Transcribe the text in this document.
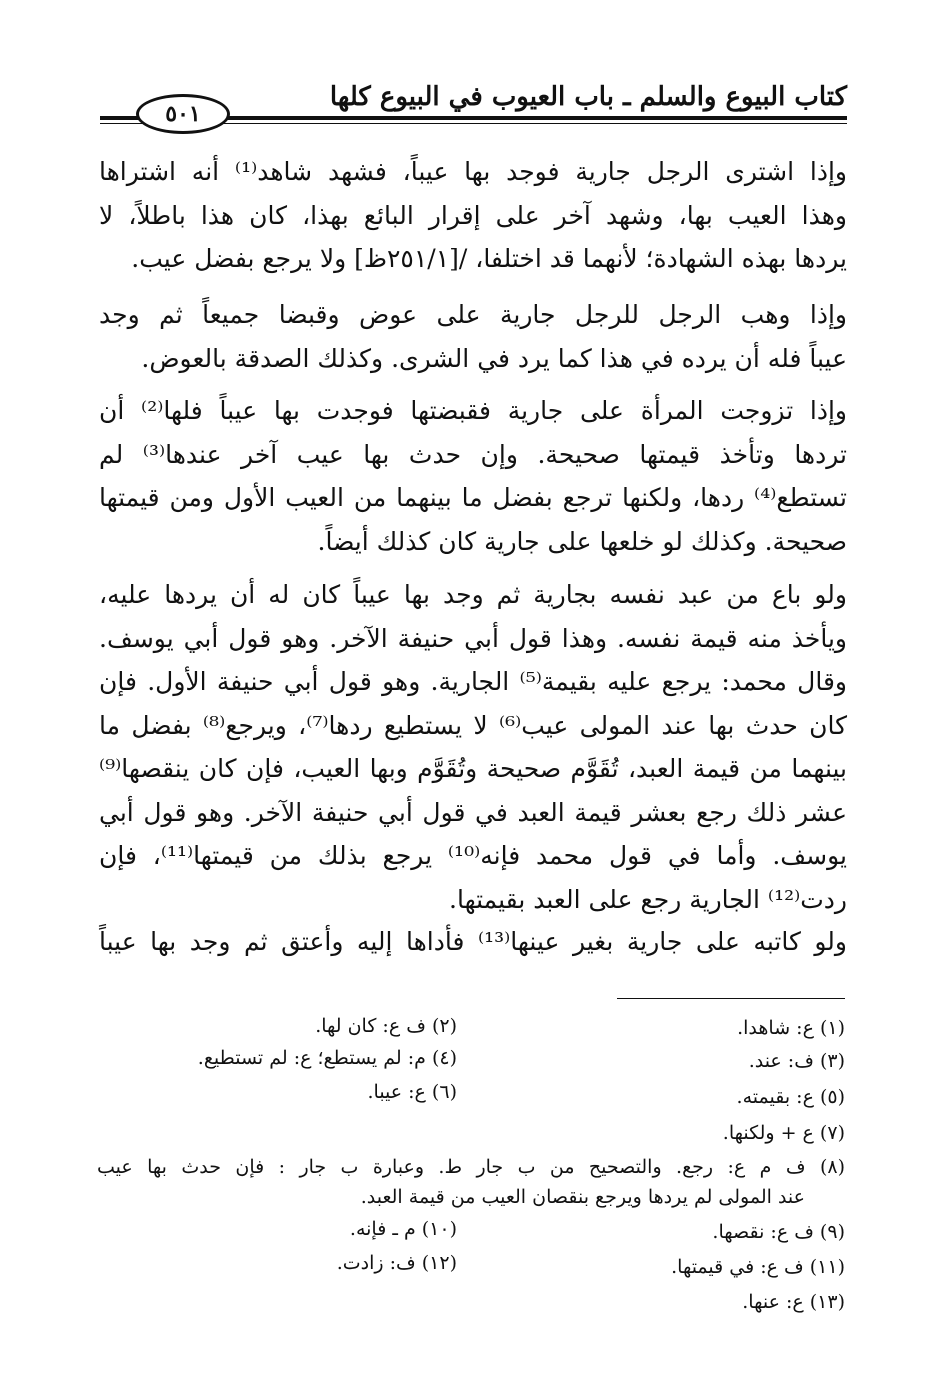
كتاب البيوع والسلم ـ باب العيوب في البيوع كلها
٥٠١
وإذا اشترى الرجل جارية فوجد بها عيباً، فشهد شاهد⁽¹⁾ أنه اشتراها
وهذا العيب بها، وشهد آخر على إقرار البائع بهذا، كان هذا باطلاً، لا
يردها بهذه الشهادة؛ لأنهما قد اختلفا، /[٢٥١/١ظ] ولا يرجع بفضل عيب.
وإذا وهب الرجل للرجل جارية على عوض وقبضا جميعاً ثم وجد
عيباً فله أن يرده في هذا كما يرد في الشرى. وكذلك الصدقة بالعوض.
وإذا تزوجت المرأة على جارية فقبضتها فوجدت بها عيباً فلها⁽²⁾ أن
تردها وتأخذ قيمتها صحيحة. وإن حدث بها عيب آخر عندها⁽³⁾ لم
تستطع⁽⁴⁾ ردها، ولكنها ترجع بفضل ما بينهما من العيب الأول ومن قيمتها
صحيحة. وكذلك لو خلعها على جارية كان كذلك أيضاً.
ولو باع من عبد نفسه بجارية ثم وجد بها عيباً كان له أن يردها عليه،
ويأخذ منه قيمة نفسه. وهذا قول أبي حنيفة الآخر. وهو قول أبي يوسف.
وقال محمد: يرجع عليه بقيمة⁽⁵⁾ الجارية. وهو قول أبي حنيفة الأول. فإن
كان حدث بها عند المولى عيب⁽⁶⁾ لا يستطيع ردها⁽⁷⁾، ويرجع⁽⁸⁾ بفضل ما
بينهما من قيمة العبد، تُقَوَّم صحيحة وتُقَوَّم وبها العيب، فإن كان ينقصها⁽⁹⁾
عشر ذلك رجع بعشر قيمة العبد في قول أبي حنيفة الآخر. وهو قول أبي
يوسف. وأما في قول محمد فإنه⁽¹⁰⁾ يرجع بذلك من قيمتها⁽¹¹⁾، فإن
ردت⁽¹²⁾ الجارية رجع على العبد بقيمتها.
ولو كاتبه على جارية بغير عينها⁽¹³⁾ فأداها إليه وأعتق ثم وجد بها عيباً
(١) ع: شاهدا.
(٢) ف ع: كان لها.
(٣) ف: عند.
(٤) م: لم يستطع؛ ع: لم تستطيع.
(٥) ع: بقيمته.
(٦) ع: عيبا.
(٧) ع + ولكنها.
(٨) ف م ع: رجع. والتصحيح من ب جار ط. وعبارة ب جار : فإن حدث بها عيب
عند المولى لم يردها ويرجع بنقصان العيب من قيمة العبد.
(٩) ف ع: نقصها.
(١٠) م ـ فإنه.
(١١) ف ع: في قيمتها.
(١٢) ف: زادت.
(١٣) ع: عنها.
